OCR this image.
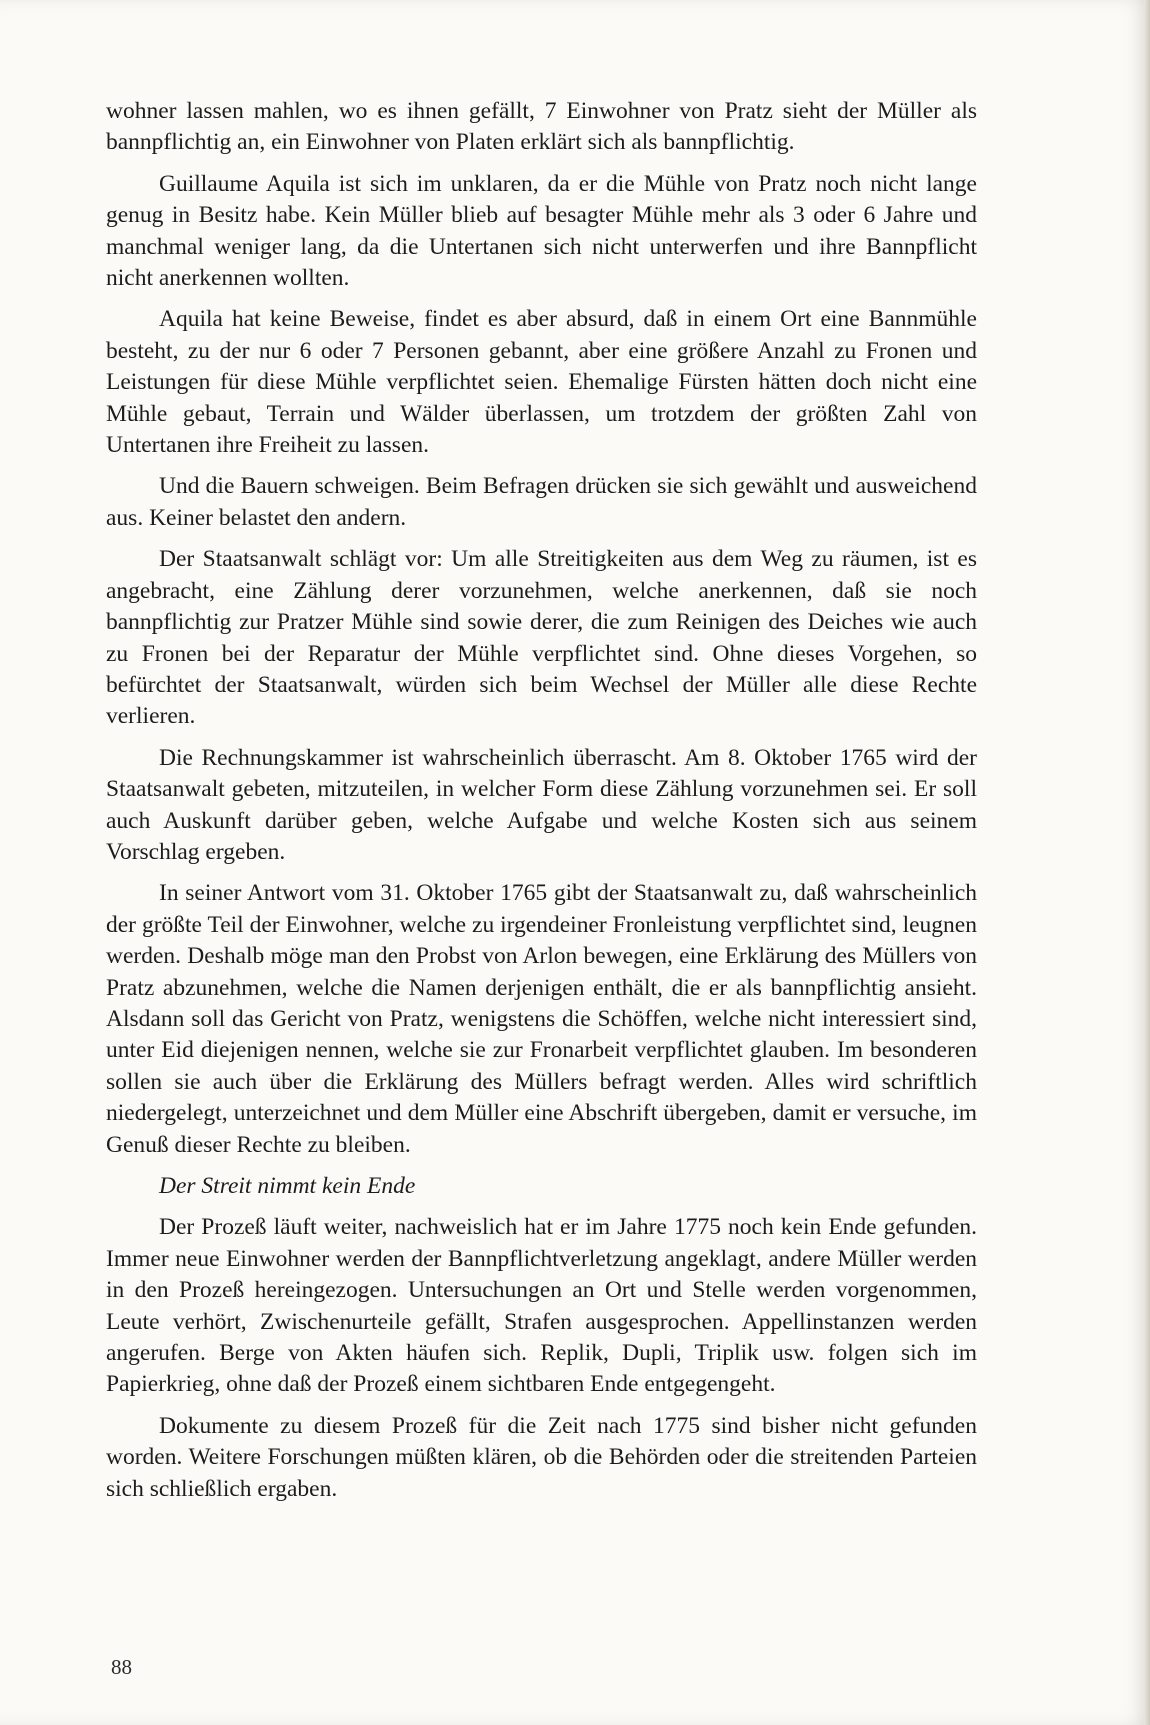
wohner lassen mahlen, wo es ihnen gefällt, 7 Einwohner von Pratz sieht der Müller als bannpflichtig an, ein Einwohner von Platen erklärt sich als bannpflichtig.

Guillaume Aquila ist sich im unklaren, da er die Mühle von Pratz noch nicht lange genug in Besitz habe. Kein Müller blieb auf besagter Mühle mehr als 3 oder 6 Jahre und manchmal weniger lang, da die Untertanen sich nicht unterwerfen und ihre Bannpflicht nicht anerkennen wollten.

Aquila hat keine Beweise, findet es aber absurd, daß in einem Ort eine Bannmühle besteht, zu der nur 6 oder 7 Personen gebannt, aber eine größere Anzahl zu Fronen und Leistungen für diese Mühle verpflichtet seien. Ehemalige Fürsten hätten doch nicht eine Mühle gebaut, Terrain und Wälder überlassen, um trotzdem der größten Zahl von Untertanen ihre Freiheit zu lassen.

Und die Bauern schweigen. Beim Befragen drücken sie sich gewählt und ausweichend aus. Keiner belastet den andern.

Der Staatsanwalt schlägt vor: Um alle Streitigkeiten aus dem Weg zu räumen, ist es angebracht, eine Zählung derer vorzunehmen, welche anerkennen, daß sie noch bannpflichtig zur Pratzer Mühle sind sowie derer, die zum Reinigen des Deiches wie auch zu Fronen bei der Reparatur der Mühle verpflichtet sind. Ohne dieses Vorgehen, so befürchtet der Staatsanwalt, würden sich beim Wechsel der Müller alle diese Rechte verlieren.

Die Rechnungskammer ist wahrscheinlich überrascht. Am 8. Oktober 1765 wird der Staatsanwalt gebeten, mitzuteilen, in welcher Form diese Zählung vorzunehmen sei. Er soll auch Auskunft darüber geben, welche Aufgabe und welche Kosten sich aus seinem Vorschlag ergeben.

In seiner Antwort vom 31. Oktober 1765 gibt der Staatsanwalt zu, daß wahrscheinlich der größte Teil der Einwohner, welche zu irgendeiner Fronleistung verpflichtet sind, leugnen werden. Deshalb möge man den Probst von Arlon bewegen, eine Erklärung des Müllers von Pratz abzunehmen, welche die Namen derjenigen enthält, die er als bannpflichtig ansieht. Alsdann soll das Gericht von Pratz, wenigstens die Schöffen, welche nicht interessiert sind, unter Eid diejenigen nennen, welche sie zur Fronarbeit verpflichtet glauben. Im besonderen sollen sie auch über die Erklärung des Müllers befragt werden. Alles wird schriftlich niedergelegt, unterzeichnet und dem Müller eine Abschrift übergeben, damit er versuche, im Genuß dieser Rechte zu bleiben.

Der Streit nimmt kein Ende

Der Prozeß läuft weiter, nachweislich hat er im Jahre 1775 noch kein Ende gefunden. Immer neue Einwohner werden der Bannpflichtverletzung angeklagt, andere Müller werden in den Prozeß hereingezogen. Untersuchungen an Ort und Stelle werden vorgenommen, Leute verhört, Zwischenurteile gefällt, Strafen ausgesprochen. Appellinstanzen werden angerufen. Berge von Akten häufen sich. Replik, Dupli, Triplik usw. folgen sich im Papierkrieg, ohne daß der Prozeß einem sichtbaren Ende entgegengeht.

Dokumente zu diesem Prozeß für die Zeit nach 1775 sind bisher nicht gefunden worden. Weitere Forschungen müßten klären, ob die Behörden oder die streitenden Parteien sich schließlich ergaben.

88
